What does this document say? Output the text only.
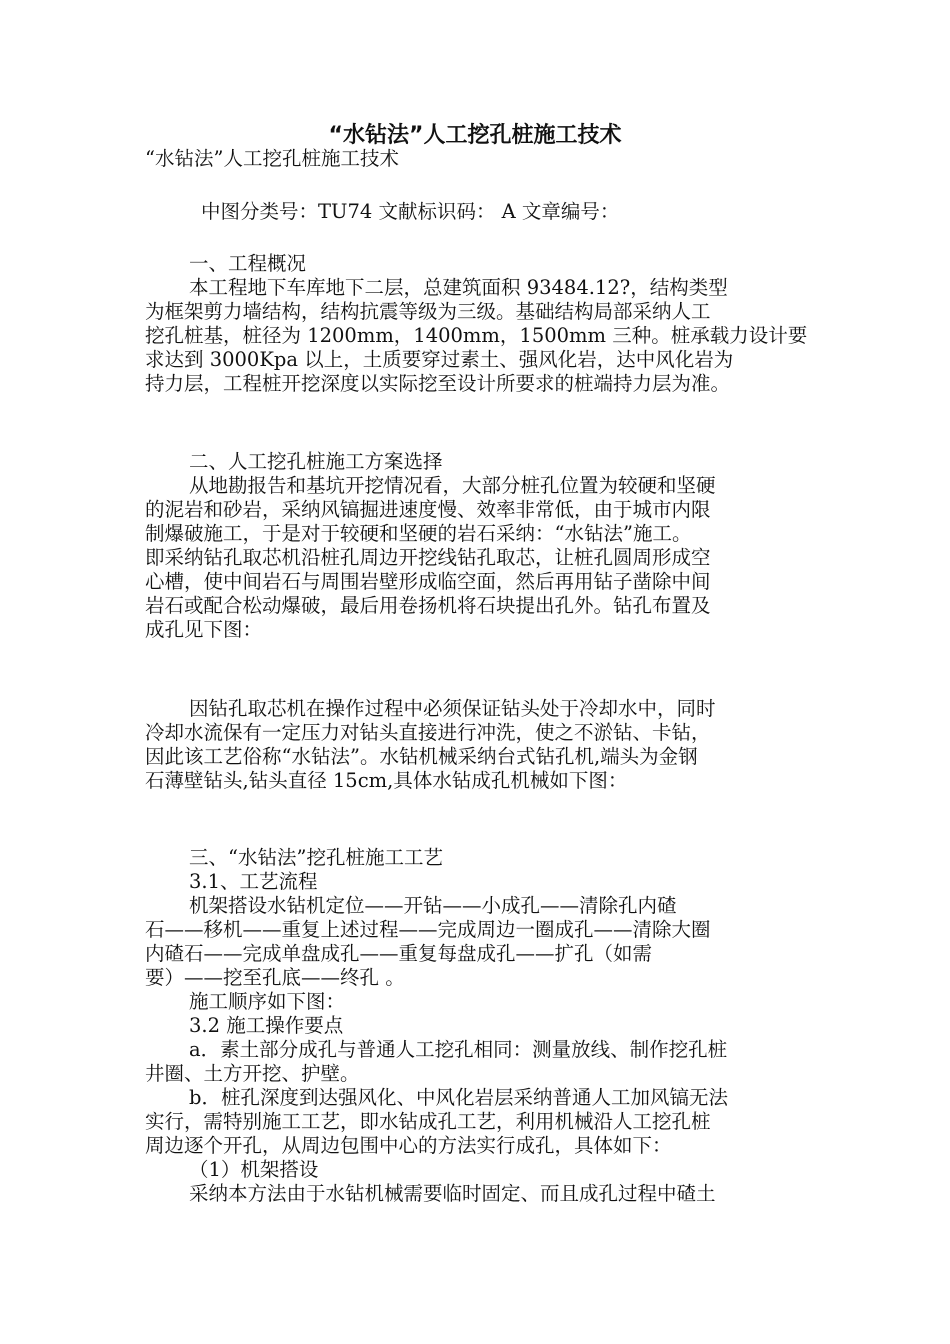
“水钻法”人工挖孔桩施工技术
“水钻法”人工挖孔桩施工技术
中图分类号：TU74 文献标识码： A 文章编号：
一、工程概况
本工程地下车库地下二层，总建筑面积 93484.12?，结构类型
为框架剪力墙结构，结构抗震等级为三级。基础结构局部采纳人工
挖孔桩基，桩径为 1200mm，1400mm，1500mm 三种。桩承载力设计要
求达到 3000Kpa 以上，土质要穿过素土、强风化岩，达中风化岩为
持力层，工程桩开挖深度以实际挖至设计所要求的桩端持力层为准。
二、人工挖孔桩施工方案选择
从地勘报告和基坑开挖情况看，大部分桩孔位置为较硬和坚硬
的泥岩和砂岩，采纳风镐掘进速度慢、效率非常低，由于城市内限
制爆破施工，于是对于较硬和坚硬的岩石采纳：“水钻法”施工。
即采纳钻孔取芯机沿桩孔周边开挖线钻孔取芯，让桩孔圆周形成空
心槽，使中间岩石与周围岩壁形成临空面，然后再用钻子凿除中间
岩石或配合松动爆破，最后用卷扬机将石块提出孔外。钻孔布置及
成孔见下图：
因钻孔取芯机在操作过程中必须保证钻头处于冷却水中，同时
冷却水流保有一定压力对钻头直接进行冲洗，使之不淤钻、卡钻，
因此该工艺俗称“水钻法”。水钻机械采纳台式钻孔机,端头为金钢
石薄壁钻头,钻头直径 15cm,具体水钻成孔机械如下图：
三、“水钻法”挖孔桩施工工艺
3.1、工艺流程
机架搭设水钻机定位——开钻——小成孔——清除孔内碴
石——移机——重复上述过程——完成周边一圈成孔——清除大圈
内碴石——完成单盘成孔——重复每盘成孔——扩孔（如需
要）——挖至孔底——终孔 。
施工顺序如下图：
3.2 施工操作要点
a．素土部分成孔与普通人工挖孔相同：测量放线、制作挖孔桩
井圈、土方开挖、护壁。
b．桩孔深度到达强风化、中风化岩层采纳普通人工加风镐无法
实行，需特别施工工艺，即水钻成孔工艺，利用机械沿人工挖孔桩
周边逐个开孔，从周边包围中心的方法实行成孔，具体如下：
（1）机架搭设
采纳本方法由于水钻机械需要临时固定、而且成孔过程中碴土
